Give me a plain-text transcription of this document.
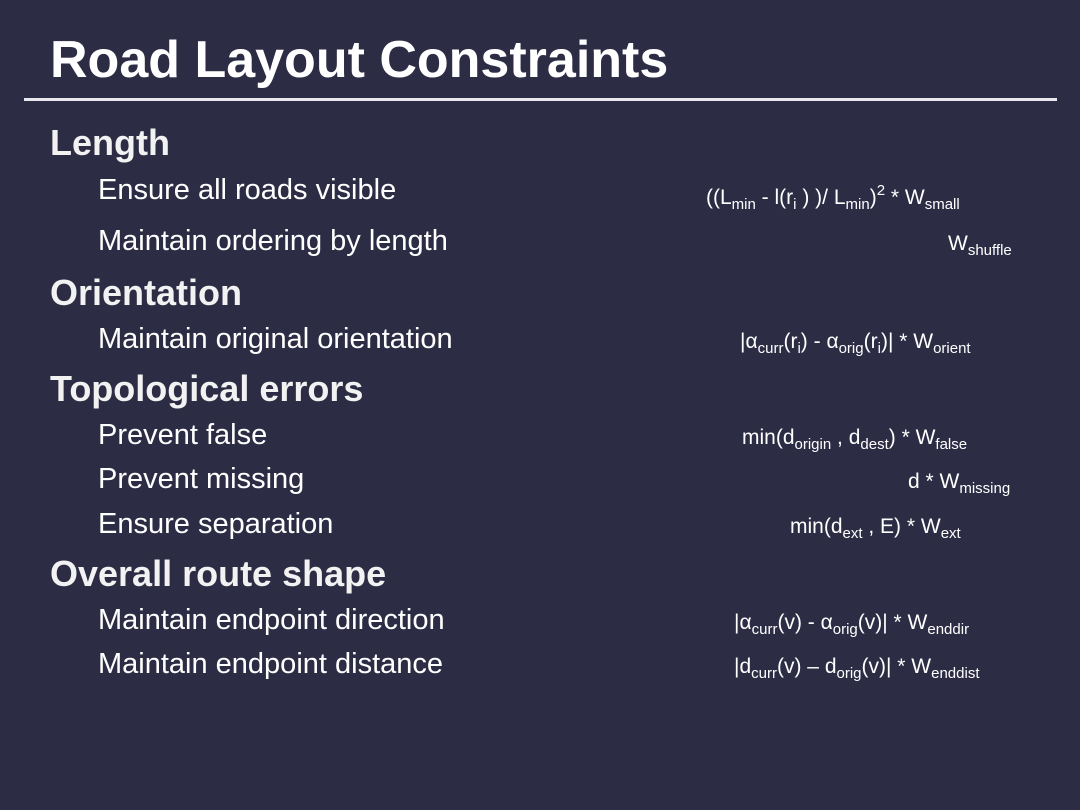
Road Layout Constraints
Length
Ensure all roads visible	(($L_{min} - l(r_i$ ) )/ $L_{min})^2 * W_{small}$
Maintain ordering by length	$W_{shuffle}$
Orientation
Maintain original orientation	$|\alpha_{curr}(r_i) - \alpha_{orig}(r_i)| * W_{orient}$
Topological errors
Prevent false	$\min(d_{origin}$ , $d_{dest}) * W_{false}$
Prevent missing	d * $W_{missing}$
Ensure separation	$\min(d_{ext}$ , $E) * W_{ext}$
Overall route shape
Maintain endpoint direction	$|\alpha_{curr}(v) - \alpha_{orig}(v)| * W_{enddir}$
Maintain endpoint distance	$|d_{curr}(v) - d_{orig}(v)| * W_{enddist}$
